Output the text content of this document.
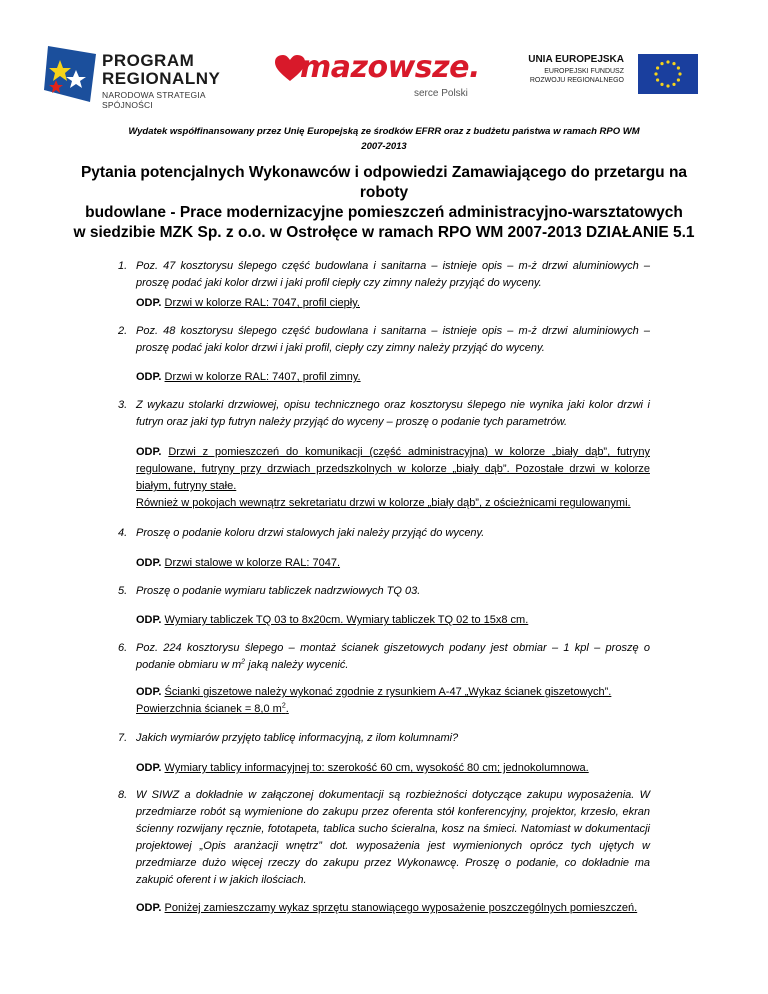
PROGRAM
REGIONALNY
NARODOWA STRATEGIA SPÓJNOŚCI
mazowsze.
serce Polski
UNIA EUROPEJSKA
EUROPEJSKI FUNDUSZ
ROZWOJU REGIONALNEGO
Wydatek współfinansowany przez Unię Europejską ze środków EFRR oraz z budżetu państwa w ramach RPO WM
2007-2013
Pytania potencjalnych Wykonawców i odpowiedzi Zamawiającego do przetargu na roboty
budowlane - Prace modernizacyjne pomieszczeń administracyjno-warsztatowych
w siedzibie MZK Sp. z o.o. w Ostrołęce w ramach RPO WM 2007-2013 DZIAŁANIE 5.1
1. Poz. 47 kosztorysu ślepego część budowlana i sanitarna – istnieje opis – m-ż drzwi aluminiowych – proszę podać jaki kolor drzwi i jaki profil ciepły czy zimny należy przyjąć do wyceny.
ODP. Drzwi w kolorze RAL: 7047, profil ciepły.
2. Poz. 48 kosztorysu ślepego część budowlana i sanitarna – istnieje opis – m-ż drzwi aluminiowych – proszę podać jaki kolor drzwi i jaki profil, ciepły czy zimny należy przyjąć do wyceny.
ODP. Drzwi w kolorze RAL: 7407, profil zimny.
3. Z wykazu stolarki drzwiowej, opisu technicznego oraz kosztorysu ślepego nie wynika jaki kolor drzwi i futryn oraz jaki typ futryn należy przyjąć do wyceny – proszę o podanie tych parametrów.
ODP. Drzwi z pomieszczeń do komunikacji (część administracyjna) w kolorze „biały dąb”, futryny regulowane, futryny przy drzwiach przedszkolnych w kolorze „biały dąb”. Pozostałe drzwi w kolorze białym, futryny stałe.
Również w pokojach wewnątrz sekretariatu drzwi w kolorze „biały dąb”, z ościeżnicami regulowanymi.
4. Proszę o podanie koloru drzwi stalowych jaki należy przyjąć do wyceny.
ODP. Drzwi stalowe w kolorze RAL: 7047.
5. Proszę o podanie wymiaru tabliczek nadrzwiowych TQ 03.
ODP. Wymiary tabliczek TQ 03 to 8x20cm. Wymiary tabliczek TQ 02 to 15x8 cm.
6. Poz. 224 kosztorysu ślepego – montaż ścianek giszetowych podany jest obmiar – 1 kpl – proszę o podanie obmiaru w $m^2$ jaką należy wycenić.
ODP. Ścianki giszetowe należy wykonać zgodnie z rysunkiem A-47 „Wykaz ścianek giszetowych”.
Powierzchnia ścianek = 8,0 $m^2$.
7. Jakich wymiarów przyjęto tablicę informacyjną, z ilom kolumnami?
ODP. Wymiary tablicy informacyjnej to: szerokość 60 cm, wysokość 80 cm; jednokolumnowa.
8. W SIWZ a dokładnie w załączonej dokumentacji są rozbieżności dotyczące zakupu wyposażenia. W przedmiarze robót są wymienione do zakupu przez oferenta stół konferencyjny, projektor, krzesło, ekran ścienny rozwijany ręcznie, fototapeta, tablica sucho ścieralna, kosz na śmieci. Natomiast w dokumentacji projektowej „Opis aranżacji wnętrz” dot. wyposażenia jest wymienionych oprócz tych ujętych w przedmiarze dużo więcej rzeczy do zakupu przez Wykonawcę. Proszę o podanie, co dokładnie ma zakupić oferent i w jakich ilościach.
ODP. Poniżej zamieszczamy wykaz sprzętu stanowiącego wyposażenie poszczególnych pomieszczeń.
